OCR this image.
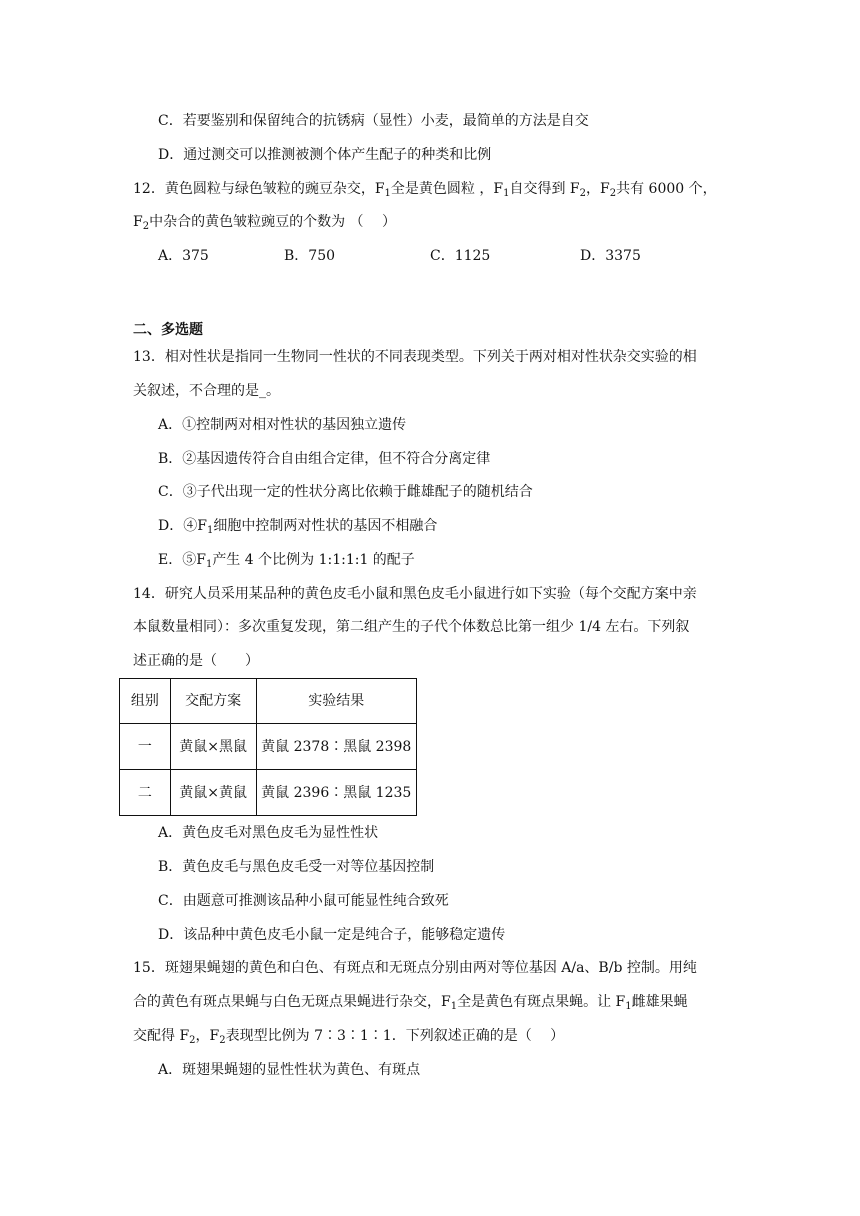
C．若要鉴别和保留纯合的抗锈病（显性）小麦，最简单的方法是自交
D．通过测交可以推测被测个体产生配子的种类和比例
12．黄色圆粒与绿色皱粒的豌豆杂交，$F_1$全是黄色圆粒 ，$F_1$自交得到 $F_2$，$F_2$共有 6000 个，
$F_2$中杂合的黄色皱粒豌豆的个数为 （　 ）
A．375	B．750	C．1125	D．3375
二、多选题
13．相对性状是指同一生物同一性状的不同表现类型。下列关于两对相对性状杂交实验的相
关叙述，不合理的是_。
A．①控制两对相对性状的基因独立遗传
B．②基因遗传符合自由组合定律，但不符合分离定律
C．③子代出现一定的性状分离比依赖于雌雄配子的随机结合
D．$④F_1$细胞中控制两对性状的基因不相融合
E．$⑤F_1$产生 4 个比例为 1:1:1:1 的配子
14．研究人员采用某品种的黄色皮毛小鼠和黑色皮毛小鼠进行如下实验（每个交配方案中亲
本鼠数量相同）：多次重复发现，第二组产生的子代个体数总比第一组少 1/4 左右。下列叙
述正确的是（　　）
组别	交配方案	实验结果
一	黄鼠×黑鼠	黄鼠 2378∶黑鼠 2398
二	黄鼠×黄鼠	黄鼠 2396∶黑鼠 1235
A．黄色皮毛对黑色皮毛为显性性状
B．黄色皮毛与黑色皮毛受一对等位基因控制
C．由题意可推测该品种小鼠可能显性纯合致死
D．该品种中黄色皮毛小鼠一定是纯合子，能够稳定遗传
15．斑翅果蝇翅的黄色和白色、有斑点和无斑点分别由两对等位基因 A/a、B/b 控制。用纯
合的黄色有斑点果蝇与白色无斑点果蝇进行杂交，$F_1$全是黄色有斑点果蝇。让 $F_1$雌雄果蝇
交配得 $F_2$，$F_2$表现型比例为 7∶3∶1∶1．下列叙述正确的是（　 ）
A．斑翅果蝇翅的显性性状为黄色、有斑点
